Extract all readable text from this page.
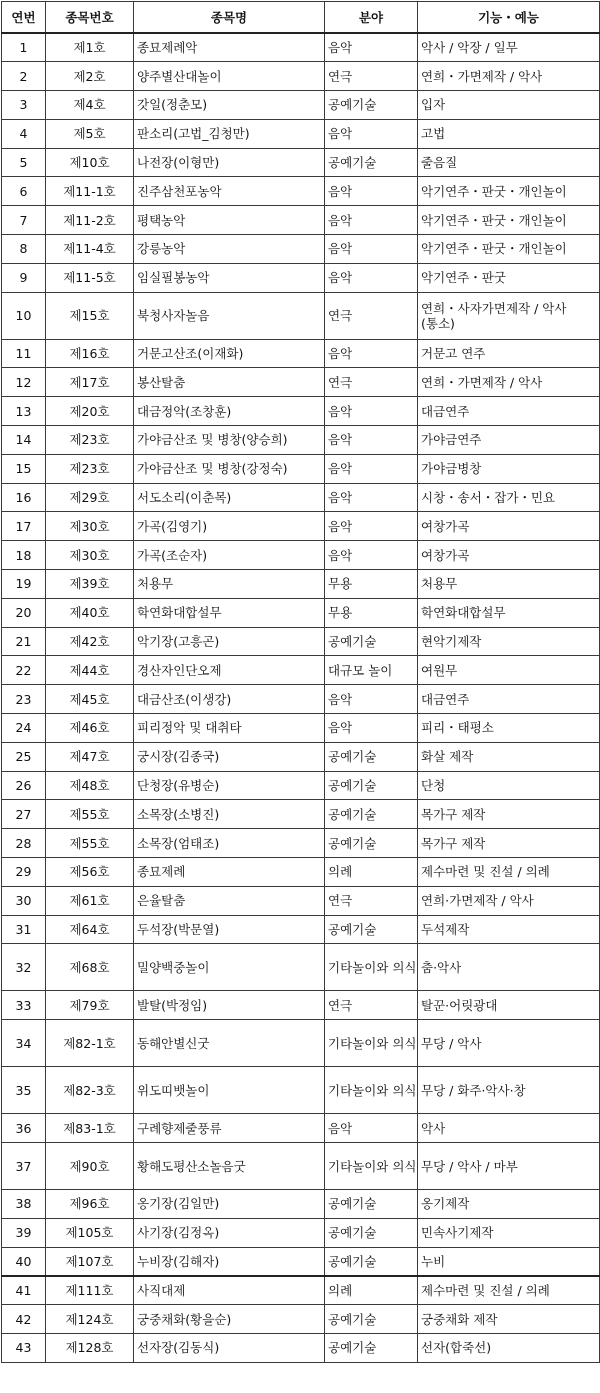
연번	종목번호	종목명	분야	기능・예능
1	제1호	종묘제례악	음악	악사 / 악장 / 일무
2	제2호	양주별산대놀이	연극	연희・가면제작 / 악사
3	제4호	갓일(정춘모)	공예기술	입자
4	제5호	판소리(고법_김청만)	음악	고법
5	제10호	나전장(이형만)	공예기술	줄음질
6	제11-1호	진주삼천포농악	음악	악기연주・판굿・개인놀이
7	제11-2호	평택농악	음악	악기연주・판굿・개인놀이
8	제11-4호	강릉농악	음악	악기연주・판굿・개인놀이
9	제11-5호	임실필봉농악	음악	악기연주・판굿
10	제15호	북청사자놀음	연극	연희・사자가면제작 / 악사(통소)
11	제16호	거문고산조(이재화)	음악	거문고 연주
12	제17호	봉산탈춤	연극	연희・가면제작 / 악사
13	제20호	대금정악(조창훈)	음악	대금연주
14	제23호	가야금산조 및 병창(양승희)	음악	가야금연주
15	제23호	가야금산조 및 병창(강정숙)	음악	가야금병창
16	제29호	서도소리(이춘목)	음악	시창・송서・잡가・민요
17	제30호	가곡(김영기)	음악	여창가곡
18	제30호	가곡(조순자)	음악	여창가곡
19	제39호	처용무	무용	처용무
20	제40호	학연화대합설무	무용	학연화대합설무
21	제42호	악기장(고흥곤)	공예기술	현악기제작
22	제44호	경산자인단오제	대규모 놀이	여원무
23	제45호	대금산조(이생강)	음악	대금연주
24	제46호	피리정악 및 대취타	음악	피리・태평소
25	제47호	궁시장(김종국)	공예기술	화살 제작
26	제48호	단청장(유병순)	공예기술	단청
27	제55호	소목장(소병진)	공예기술	목가구 제작
28	제55호	소목장(엄태조)	공예기술	목가구 제작
29	제56호	종묘제례	의례	제수마련 및 진설 / 의례
30	제61호	은율탈춤	연극	연희·가면제작 / 악사
31	제64호	두석장(박문열)	공예기술	두석제작
32	제68호	밀양백중놀이	기타놀이와 의식	춤·악사
33	제79호	발탈(박정임)	연극	탈꾼·어릿광대
34	제82-1호	동해안별신굿	기타놀이와 의식	무당 / 악사
35	제82-3호	위도띠뱃놀이	기타놀이와 의식	무당 / 화주·악사·창
36	제83-1호	구례향제줄풍류	음악	악사
37	제90호	황해도평산소놀음굿	기타놀이와 의식	무당 / 악사 / 마부
38	제96호	옹기장(김일만)	공예기술	옹기제작
39	제105호	사기장(김정옥)	공예기술	민속사기제작
40	제107호	누비장(김해자)	공예기술	누비
41	제111호	사직대제	의례	제수마련 및 진설 / 의례
42	제124호	궁중채화(황을순)	공예기술	궁중채화 제작
43	제128호	선자장(김동식)	공예기술	선자(합죽선)
